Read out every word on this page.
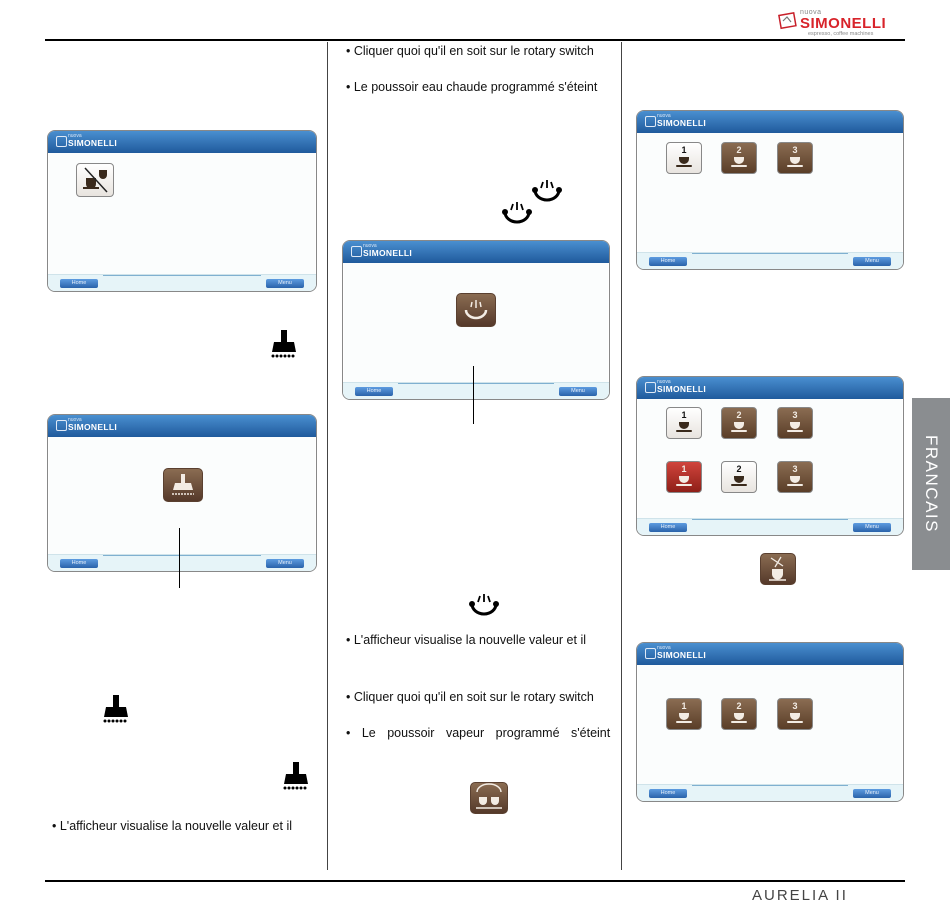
nuova
SIMONELLI
espresso, coffee machines
nuova
SIMONELLI
Home	Menu
nuova
SIMONELLI
Home	Menu
• L'afficheur visualise la nouvelle valeur et il
• Cliquer quoi qu'il en soit sur le rotary switch
• Le poussoir eau chaude programmé s'éteint
nuova
SIMONELLI
Home	Menu
• L'afficheur visualise la nouvelle valeur et il
• Cliquer quoi qu'il en soit sur le rotary switch
• Le poussoir vapeur programmé s'éteint
nuova
SIMONELLI
1	2	3
Home	Menu
nuova
SIMONELLI
1	2	3
1	2	3
Home	Menu
nuova
SIMONELLI
1	2	3
Home	Menu
FRANCAIS
AURELIA II
